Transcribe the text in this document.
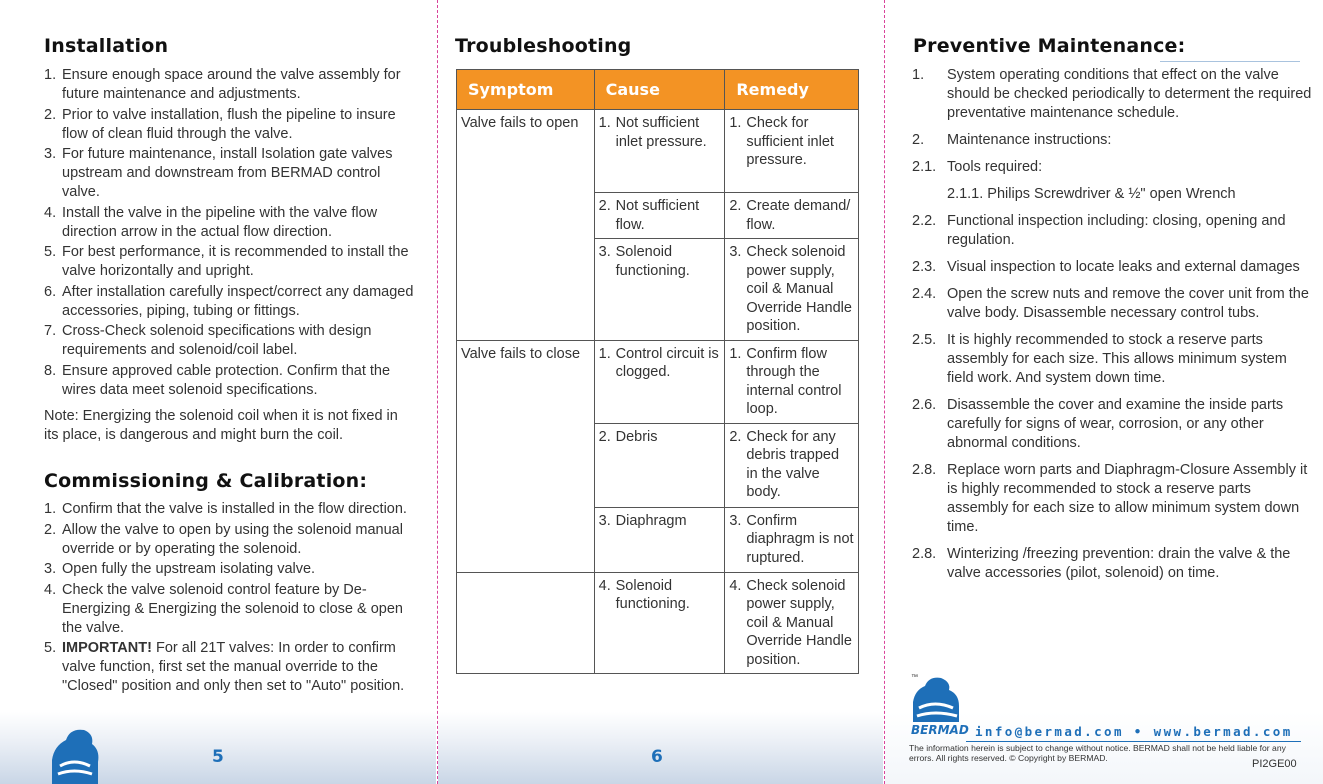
Installation
1. Ensure enough space around the valve assembly for future maintenance and adjustments.
2. Prior to valve installation, flush the pipeline to insure flow of clean fluid through the valve.
3. For future maintenance, install Isolation gate valves upstream and downstream from BERMAD control valve.
4. Install the valve in the pipeline with the valve flow direction arrow in the actual flow direction.
5. For best performance, it is recommended to install the valve horizontally and upright.
6. After installation carefully inspect/correct any damaged accessories, piping, tubing or fittings.
7. Cross-Check solenoid specifications with design requirements and solenoid/coil label.
8. Ensure approved cable protection. Confirm that the wires data meet solenoid specifications.

Note: Energizing the solenoid coil when it is not fixed in its place, is dangerous and might burn the coil.

Commissioning & Calibration:
1. Confirm that the valve is installed in the flow direction.
2. Allow the valve to open by using the solenoid manual override or by operating the solenoid.
3. Open fully the upstream isolating valve.
4. Check the valve solenoid control feature by De-Energizing & Energizing the solenoid to close & open the valve.
5. IMPORTANT! For all 21T valves: In order to confirm valve function, first set the manual override to the "Closed" position and only then set to "Auto" position.
Troubleshooting
Symptom	Cause	Remedy
Valve fails to open	1. Not sufficient inlet pressure.	1. Check for sufficient inlet pressure.

	2. Not sufficient flow.	2. Create demand/ flow.

	3. Solenoid functioning.	3. Check solenoid power supply, coil & Manual Override Handle position.

Valve fails to close	1. Control circuit is clogged.	1. Confirm flow through the internal control loop.

	2. Debris	2. Check for any debris trapped in the valve body.

	3. Diaphragm	3. Confirm diaphragm is not ruptured.

	4. Solenoid functioning.	4. Check solenoid power supply, coil & Manual Override Handle position.
Preventive Maintenance:
1. System operating conditions that effect on the valve should be checked periodically to determent the required preventative maintenance schedule.
2. Maintenance instructions:
2.1. Tools required:
2.1.1. Philips Screwdriver & ½" open Wrench
2.2. Functional inspection including: closing, opening and regulation.
2.3. Visual inspection to locate leaks and external damages
2.4. Open the screw nuts and remove the cover unit from the valve body. Disassemble necessary control tubs.
2.5. It is highly recommended to stock a reserve parts assembly for each size. This allows minimum system field work. And system down time.
2.6. Disassemble the cover and examine the inside parts carefully for signs of wear, corrosion, or any other abnormal conditions.
2.8. Replace worn parts and Diaphragm-Closure Assembly it is highly recommended to stock a reserve parts assembly for each size to allow minimum system down time.
2.8. Winterizing /freezing prevention: drain the valve & the valve accessories (pilot, solenoid) on time.
5	6
™
BERMAD info@bermad.com • www.bermad.com
The information herein is subject to change without notice. BERMAD shall not be held liable for any errors. All rights reserved. © Copyright by BERMAD.
PI2GE00
